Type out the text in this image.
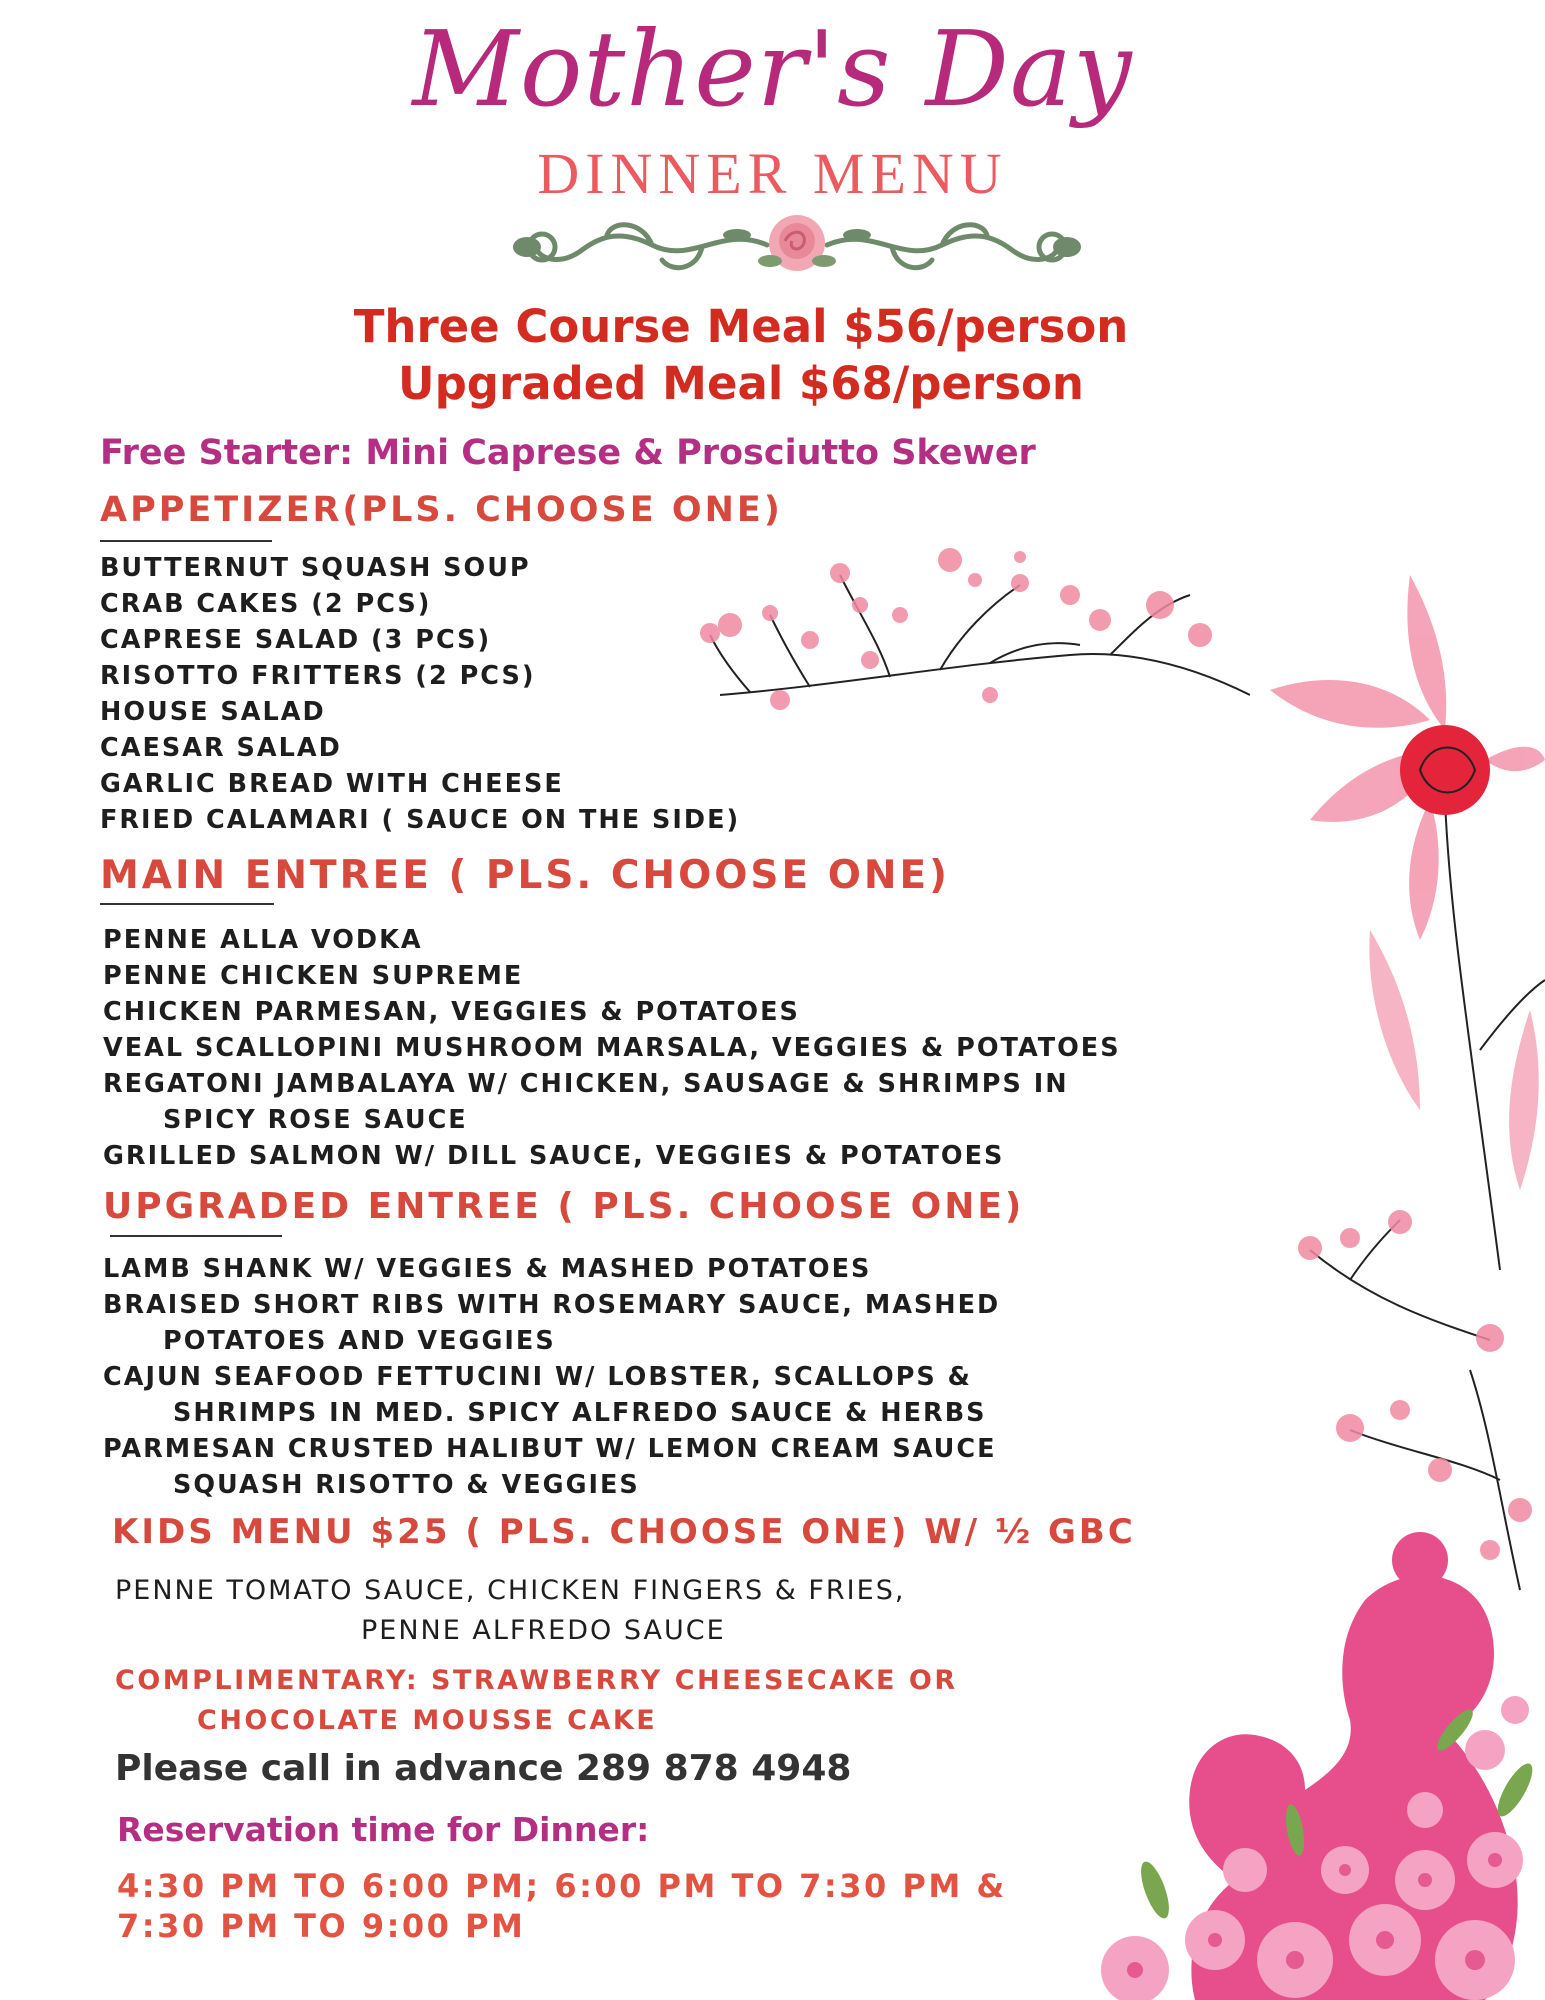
Mother's Day
DINNER MENU
Three Course Meal $56/person
Upgraded Meal $68/person
Free Starter: Mini Caprese & Prosciutto Skewer
APPETIZER(PLS. CHOOSE ONE)
BUTTERNUT SQUASH SOUP
CRAB CAKES (2 PCS)
CAPRESE SALAD (3 PCS)
RISOTTO FRITTERS (2 PCS)
HOUSE SALAD
CAESAR SALAD
GARLIC BREAD WITH CHEESE
FRIED CALAMARI ( SAUCE ON THE SIDE)
MAIN ENTREE ( PLS. CHOOSE ONE)
PENNE ALLA VODKA
PENNE CHICKEN SUPREME
CHICKEN PARMESAN, VEGGIES & POTATOES
VEAL SCALLOPINI MUSHROOM MARSALA, VEGGIES & POTATOES
REGATONI JAMBALAYA W/ CHICKEN, SAUSAGE & SHRIMPS IN
SPICY ROSE SAUCE
GRILLED SALMON W/ DILL SAUCE, VEGGIES & POTATOES
UPGRADED ENTREE ( PLS. CHOOSE ONE)
LAMB SHANK W/ VEGGIES & MASHED POTATOES
BRAISED SHORT RIBS WITH ROSEMARY SAUCE, MASHED
POTATOES AND VEGGIES
CAJUN SEAFOOD FETTUCINI W/ LOBSTER, SCALLOPS &
SHRIMPS IN MED. SPICY ALFREDO SAUCE & HERBS
PARMESAN CRUSTED HALIBUT W/ LEMON CREAM SAUCE
SQUASH RISOTTO & VEGGIES
KIDS MENU $25 ( PLS. CHOOSE ONE) W/ ½ GBC
PENNE TOMATO SAUCE, CHICKEN FINGERS & FRIES,
PENNE ALFREDO SAUCE
COMPLIMENTARY: STRAWBERRY CHEESECAKE OR
CHOCOLATE MOUSSE CAKE
Please call in advance 289 878 4948
Reservation time for Dinner:
4:30 PM TO 6:00 PM; 6:00 PM TO 7:30 PM &
7:30 PM TO 9:00 PM
